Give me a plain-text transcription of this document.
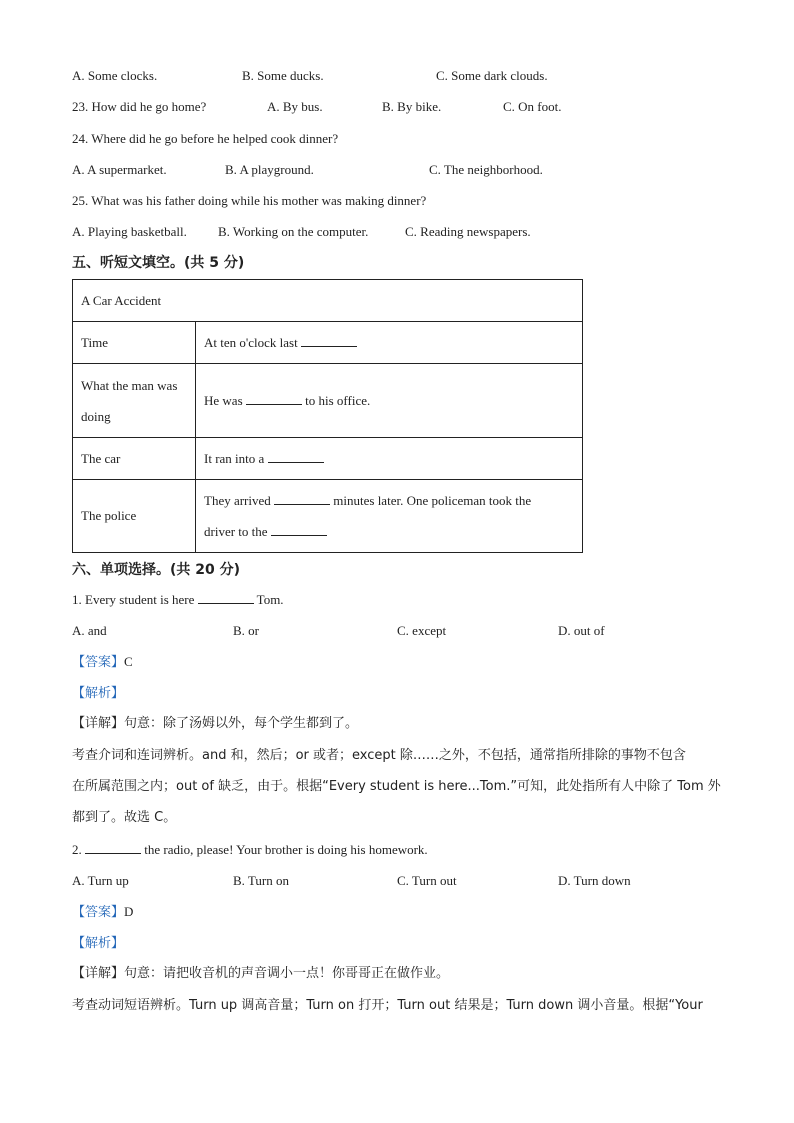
A. Some clocks.	B. Some ducks.	C. Some dark clouds.
23. How did he go home?	A. By bus.	B. By bike.	C. On foot.
24. Where did he go before he helped cook dinner?
A. A supermarket.	B. A playground.	C. The neighborhood.
25. What was his father doing while his mother was making dinner?
A. Playing basketball. B. Working on the computer.	C. Reading newspapers.
五、听短文填空。(共 5 分)
A Car Accident	
Time	At ten o'clock last
What the man was doing	He was to his office.
The car	It ran into a
The police	They arrived minutes later. One policeman took the
driver to the
六、单项选择。(共 20 分)
1. Every student is here	Tom.
A. and	B. or	C. except	D. out of
【答案】C
【解析】
【详解】句意：除了汤姆以外，每个学生都到了。
考查介词和连词辨析。and 和，然后；or 或者；except 除……之外，不包括，通常指所排除的事物不包含
在所属范围之内；out of 缺乏，由于。根据“Every student is here...Tom.”可知，此处指所有人中除了 Tom 外
都到了。故选 C。
2.	the radio, please! Your brother is doing his homework.
A. Turn up	B. Turn on	C. Turn out	D. Turn down
【答案】D
【解析】
【详解】句意：请把收音机的声音调小一点！你哥哥正在做作业。
考查动词短语辨析。Turn up 调高音量；Turn on 打开；Turn out 结果是；Turn down 调小音量。根据“Your
